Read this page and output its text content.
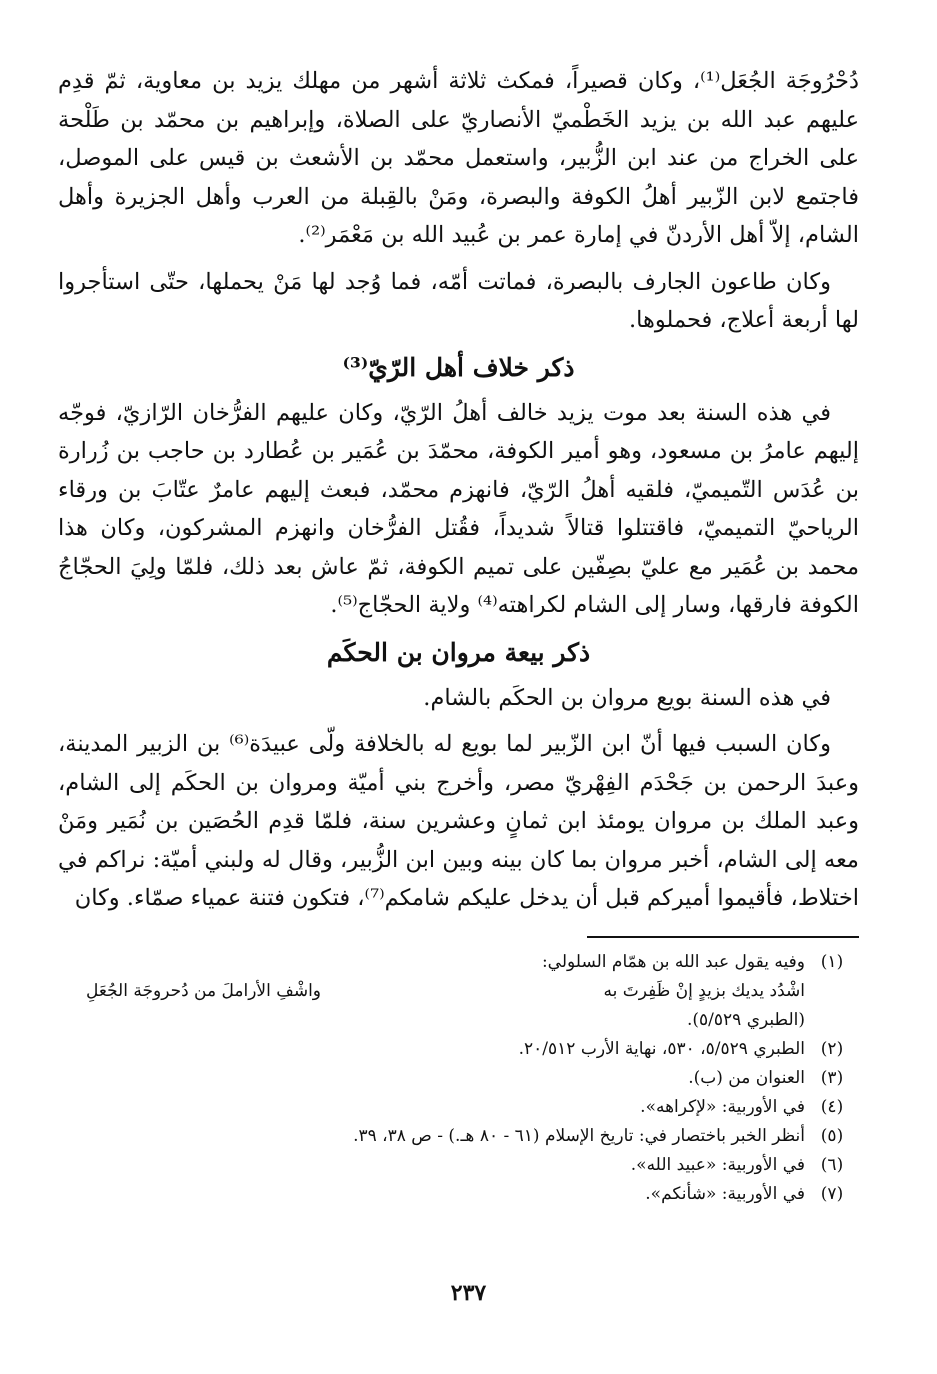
دُحْرُوجَة الجُعَل⁽¹⁾، وكان قصيراً، فمكث ثلاثة أشهر من مهلك يزيد بن معاوية، ثمّ قدِم عليهم عبد الله بن يزيد الخَطْميّ الأنصاريّ على الصلاة، وإبراهيم بن محمّد بن طَلْحة على الخراج من عند ابن الزُّبير، واستعمل محمّد بن الأشعث بن قيس على الموصل، فاجتمع لابن الزّبير أهلُ الكوفة والبصرة، ومَنْ بالقِبلة من العرب وأهل الجزيرة وأهل الشام، إلاّ أهل الأردنّ في إمارة عمر بن عُبيد الله بن مَعْمَر⁽²⁾.

وكان طاعون الجارف بالبصرة، فماتت أمّه، فما وُجد لها مَنْ يحملها، حتّى استأجروا لها أربعة أعلاج، فحملوها.

ذكر خلاف أهل الرّيّ⁽³⁾

في هذه السنة بعد موت يزيد خالف أهلُ الرّيّ، وكان عليهم الفرُّخان الرّازيّ، فوجّه إليهم عامرُ بن مسعود، وهو أمير الكوفة، محمّدَ بن عُمَير بن عُطارد بن حاجب بن زُرارة بن عُدَس التّميميّ، فلقيه أهلُ الرّيّ، فانهزم محمّد، فبعث إليهم عامرٌ عتّابَ بن ورقاء الرياحيّ التميميّ، فاقتتلوا قتالاً شديداً، فقُتل الفرُّخان وانهزم المشركون، وكان هذا محمد بن عُمَير مع عليّ بصِفّين على تميم الكوفة، ثمّ عاش بعد ذلك، فلمّا ولِيَ الحجّاجُ الكوفة فارقها، وسار إلى الشام لكراهته⁽⁴⁾ ولاية الحجّاج⁽⁵⁾.

ذكر بيعة مروان بن الحكَم

في هذه السنة بويع مروان بن الحكَم بالشام.

وكان السبب فيها أنّ ابن الزّبير لما بويع له بالخلافة ولّى عبيدَة⁽⁶⁾ بن الزبير المدينة، وعبدَ الرحمن بن جَحْدَم الفِهْريّ مصر، وأخرج بني أميّة ومروان بن الحكَم إلى الشام، وعبد الملك بن مروان يومئذ ابن ثمانٍ وعشرين سنة، فلمّا قدِم الحُصَين بن نُمَير ومَنْ معه إلى الشام، أخبر مروان بما كان بينه وبين ابن الزُّبير، وقال له ولبني أميّة: نراكم في اختلاط، فأقيموا أميركم قبل أن يدخل عليكم شامكم⁽⁷⁾، فتكون فتنة عمياء صمّاء. وكان

(١)
وفيه يقول عبد الله بن همّام السلولي:
اشْدُد يديك بزيدٍ إنْ ظَفِرتَ به
واشْفِ الأراملَ من دُحروجَة الجُعَلِ
(الطبري ٥/٥٢٩).
(٢)
الطبري ٥/٥٢٩، ٥٣٠، نهاية الأرب ٢٠/٥١٢.
(٣)
العنوان من (ب).
(٤)
في الأوربية: «لإكراهه».
(٥)
أنظر الخبر باختصار في: تاريخ الإسلام (٦١ - ٨٠ هـ.) - ص ٣٨، ٣٩.
(٦)
في الأوربية: «عبيد الله».
(٧)
في الأوربية: «شأنكم».
٢٣٧
